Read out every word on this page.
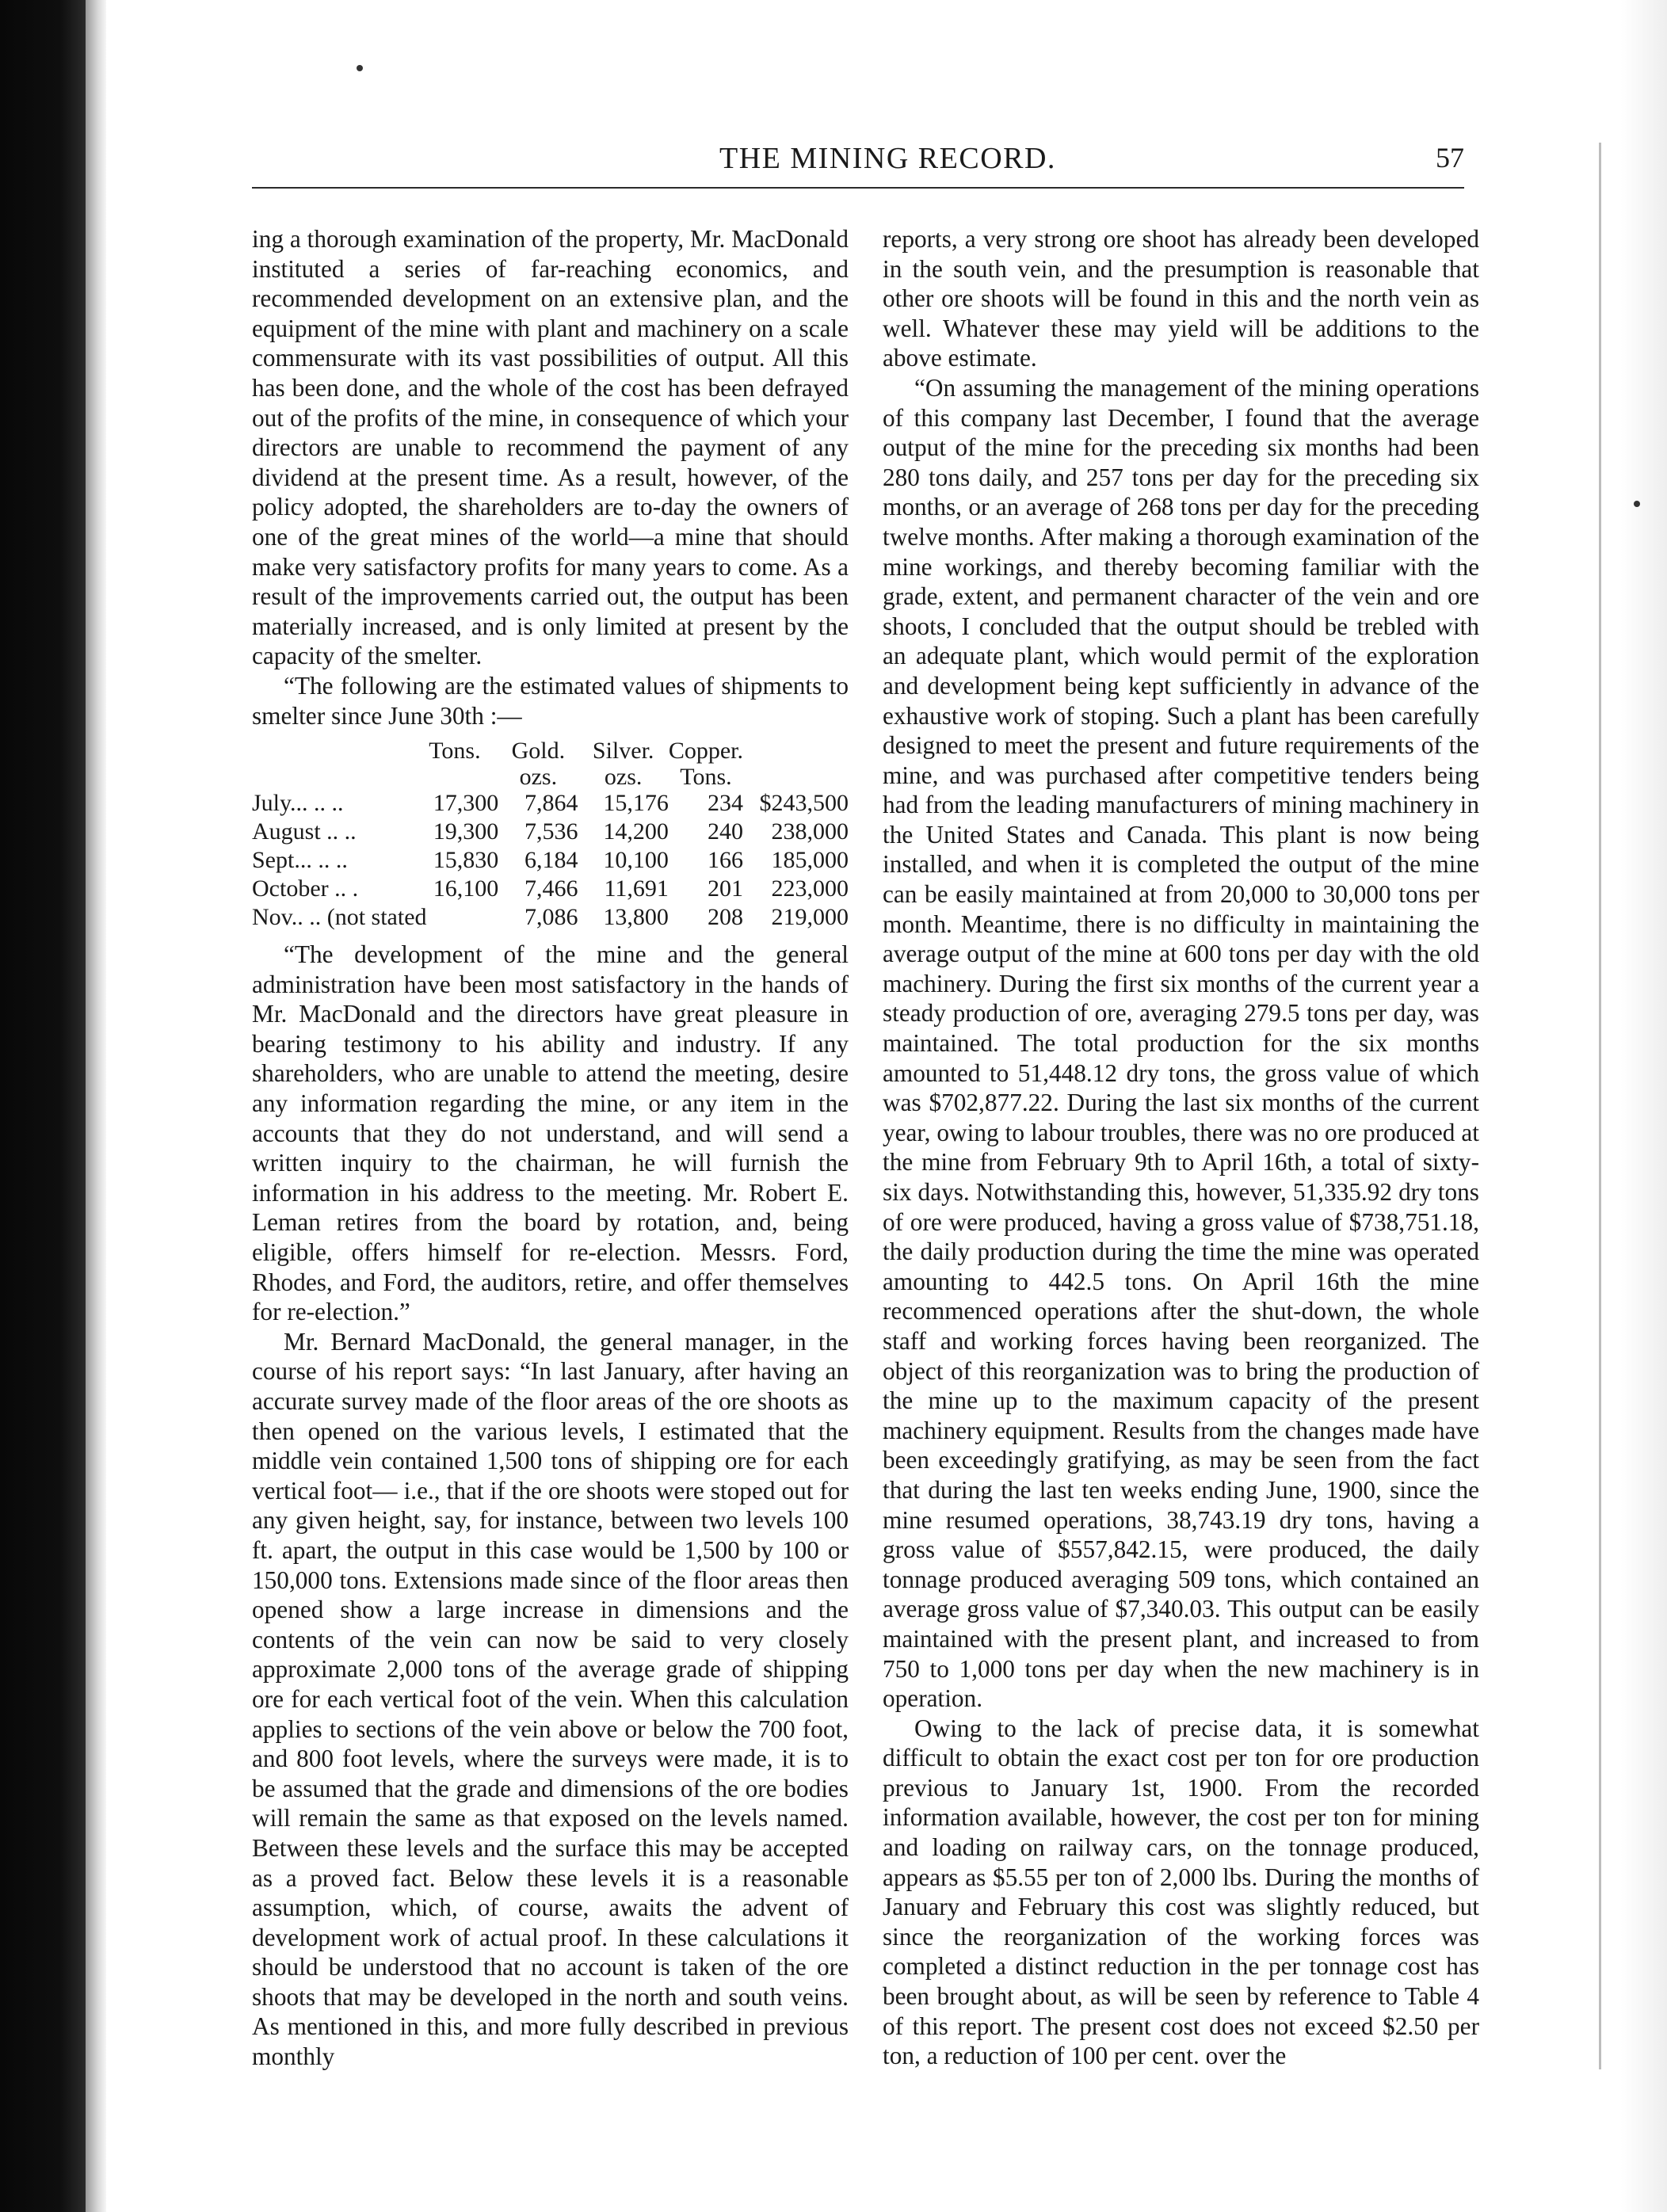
THE MINING RECORD.	57

ing a thorough examination of the property, Mr. MacDonald instituted a series of far-reaching economics, and recommended development on an extensive plan, and the equipment of the mine with plant and machinery on a scale commensurate with its vast possibilities of output. All this has been done, and the whole of the cost has been defrayed out of the profits of the mine, in consequence of which your directors are unable to recommend the payment of any dividend at the present time. As a result, however, of the policy adopted, the shareholders are to-day the owners of one of the great mines of the world—a mine that should make very satisfactory profits for many years to come. As a result of the improvements carried out, the output has been materially increased, and is only limited at present by the capacity of the smelter.

“The following are the estimated values of shipments to smelter since June 30th :—

	Tons.	Gold.	Silver.	Copper.	
		ozs.	ozs.	Tons.	
July... .. ..	17,300	7,864	15,176	234	$243,500
August .. ..	19,300	7,536	14,200	240	238,000
Sept... .. ..	15,830	6,184	10,100	166	185,000
October .. .	16,100	7,466	11,691	201	223,000
Nov.. .. (not stated		7,086	13,800	208	219,000

“The development of the mine and the general administration have been most satisfactory in the hands of Mr. MacDonald and the directors have great pleasure in bearing testimony to his ability and industry. If any shareholders, who are unable to attend the meeting, desire any information regarding the mine, or any item in the accounts that they do not understand, and will send a written inquiry to the chairman, he will furnish the information in his address to the meeting. Mr. Robert E. Leman retires from the board by rotation, and, being eligible, offers himself for re-election. Messrs. Ford, Rhodes, and Ford, the auditors, retire, and offer themselves for re-election.”

Mr. Bernard MacDonald, the general manager, in the course of his report says: “In last January, after having an accurate survey made of the floor areas of the ore shoots as then opened on the various levels, I estimated that the middle vein contained 1,500 tons of shipping ore for each vertical foot— i.e., that if the ore shoots were stoped out for any given height, say, for instance, between two levels 100 ft. apart, the output in this case would be 1,500 by 100 or 150,000 tons. Extensions made since of the floor areas then opened show a large increase in dimensions and the contents of the vein can now be said to very closely approximate 2,000 tons of the average grade of shipping ore for each vertical foot of the vein. When this calculation applies to sections of the vein above or below the 700 foot, and 800 foot levels, where the surveys were made, it is to be assumed that the grade and dimensions of the ore bodies will remain the same as that exposed on the levels named. Between these levels and the surface this may be accepted as a proved fact. Below these levels it is a reasonable assumption, which, of course, awaits the advent of development work of actual proof. In these calculations it should be understood that no account is taken of the ore shoots that may be developed in the north and south veins. As mentioned in this, and more fully described in previous monthly

reports, a very strong ore shoot has already been developed in the south vein, and the presumption is reasonable that other ore shoots will be found in this and the north vein as well. Whatever these may yield will be additions to the above estimate.

“On assuming the management of the mining operations of this company last December, I found that the average output of the mine for the preceding six months had been 280 tons daily, and 257 tons per day for the preceding six months, or an average of 268 tons per day for the preceding twelve months. After making a thorough examination of the mine workings, and thereby becoming familiar with the grade, extent, and permanent character of the vein and ore shoots, I concluded that the output should be trebled with an adequate plant, which would permit of the exploration and development being kept sufficiently in advance of the exhaustive work of stoping. Such a plant has been carefully designed to meet the present and future requirements of the mine, and was purchased after competitive tenders being had from the leading manufacturers of mining machinery in the United States and Canada. This plant is now being installed, and when it is completed the output of the mine can be easily maintained at from 20,000 to 30,000 tons per month. Meantime, there is no difficulty in maintaining the average output of the mine at 600 tons per day with the old machinery. During the first six months of the current year a steady production of ore, averaging 279.5 tons per day, was maintained. The total production for the six months amounted to 51,448.12 dry tons, the gross value of which was $702,877.22. During the last six months of the current year, owing to labour troubles, there was no ore produced at the mine from February 9th to April 16th, a total of sixty-six days. Notwithstanding this, however, 51,335.92 dry tons of ore were produced, having a gross value of $738,751.18, the daily production during the time the mine was operated amounting to 442.5 tons. On April 16th the mine recommenced operations after the shut-down, the whole staff and working forces having been reorganized. The object of this reorganization was to bring the production of the mine up to the maximum capacity of the present machinery equipment. Results from the changes made have been exceedingly gratifying, as may be seen from the fact that during the last ten weeks ending June, 1900, since the mine resumed operations, 38,743.19 dry tons, having a gross value of $557,842.15, were produced, the daily tonnage produced averaging 509 tons, which contained an average gross value of $7,340.03. This output can be easily maintained with the present plant, and increased to from 750 to 1,000 tons per day when the new machinery is in operation.

Owing to the lack of precise data, it is somewhat difficult to obtain the exact cost per ton for ore production previous to January 1st, 1900. From the recorded information available, however, the cost per ton for mining and loading on railway cars, on the tonnage produced, appears as $5.55 per ton of 2,000 lbs. During the months of January and February this cost was slightly reduced, but since the reorganization of the working forces was completed a distinct reduction in the per tonnage cost has been brought about, as will be seen by reference to Table 4 of this report. The present cost does not exceed $2.50 per ton, a reduction of 100 per cent. over the
